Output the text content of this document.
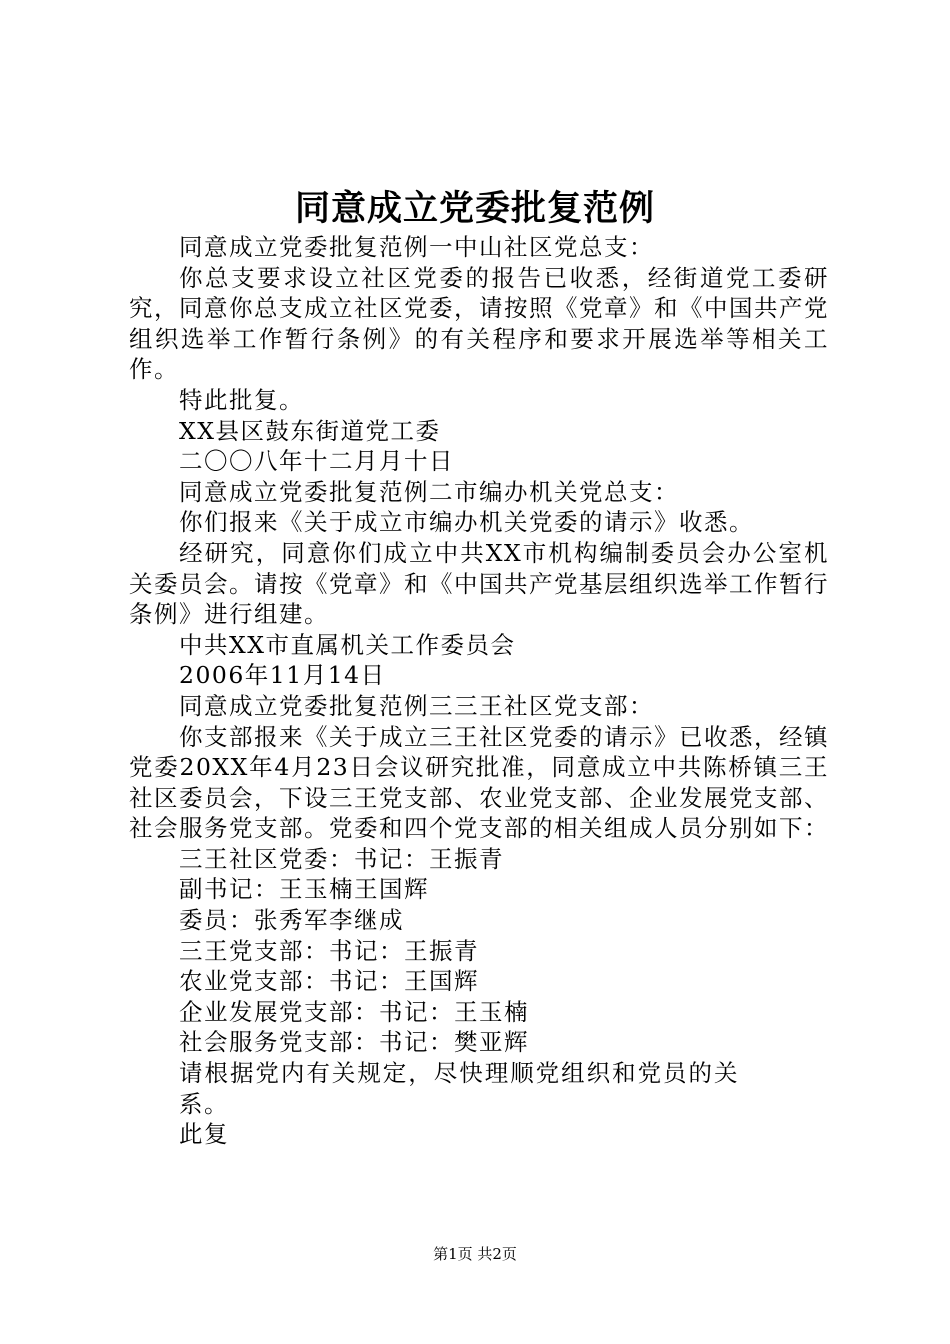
同意成立党委批复范例

同意成立党委批复范例一中山社区党总支：

你总支要求设立社区党委的报告已收悉，经街道党工委研究，同意你总支成立社区党委，请按照《党章》和《中国共产党组织选举工作暂行条例》的有关程序和要求开展选举等相关工作。

特此批复。

XX县区鼓东街道党工委

二〇〇八年十二月月十日

同意成立党委批复范例二市编办机关党总支：

你们报来《关于成立市编办机关党委的请示》收悉。

经研究，同意你们成立中共XX市机构编制委员会办公室机关委员会。请按《党章》和《中国共产党基层组织选举工作暂行条例》进行组建。

中共XX市直属机关工作委员会

2006年11月14日

同意成立党委批复范例三三王社区党支部：

你支部报来《关于成立三王社区党委的请示》已收悉，经镇党委20XX年4月23日会议研究批准，同意成立中共陈桥镇三王社区委员会，下设三王党支部、农业党支部、企业发展党支部、社会服务党支部。党委和四个党支部的相关组成人员分别如下：

三王社区党委：书记：王振青

副书记：王玉楠王国辉

委员：张秀军李继成

三王党支部：书记：王振青

农业党支部：书记：王国辉

企业发展党支部：书记：王玉楠

社会服务党支部：书记：樊亚辉

请根据党内有关规定，尽快理顺党组织和党员的关系。

此复

第1页 共2页
